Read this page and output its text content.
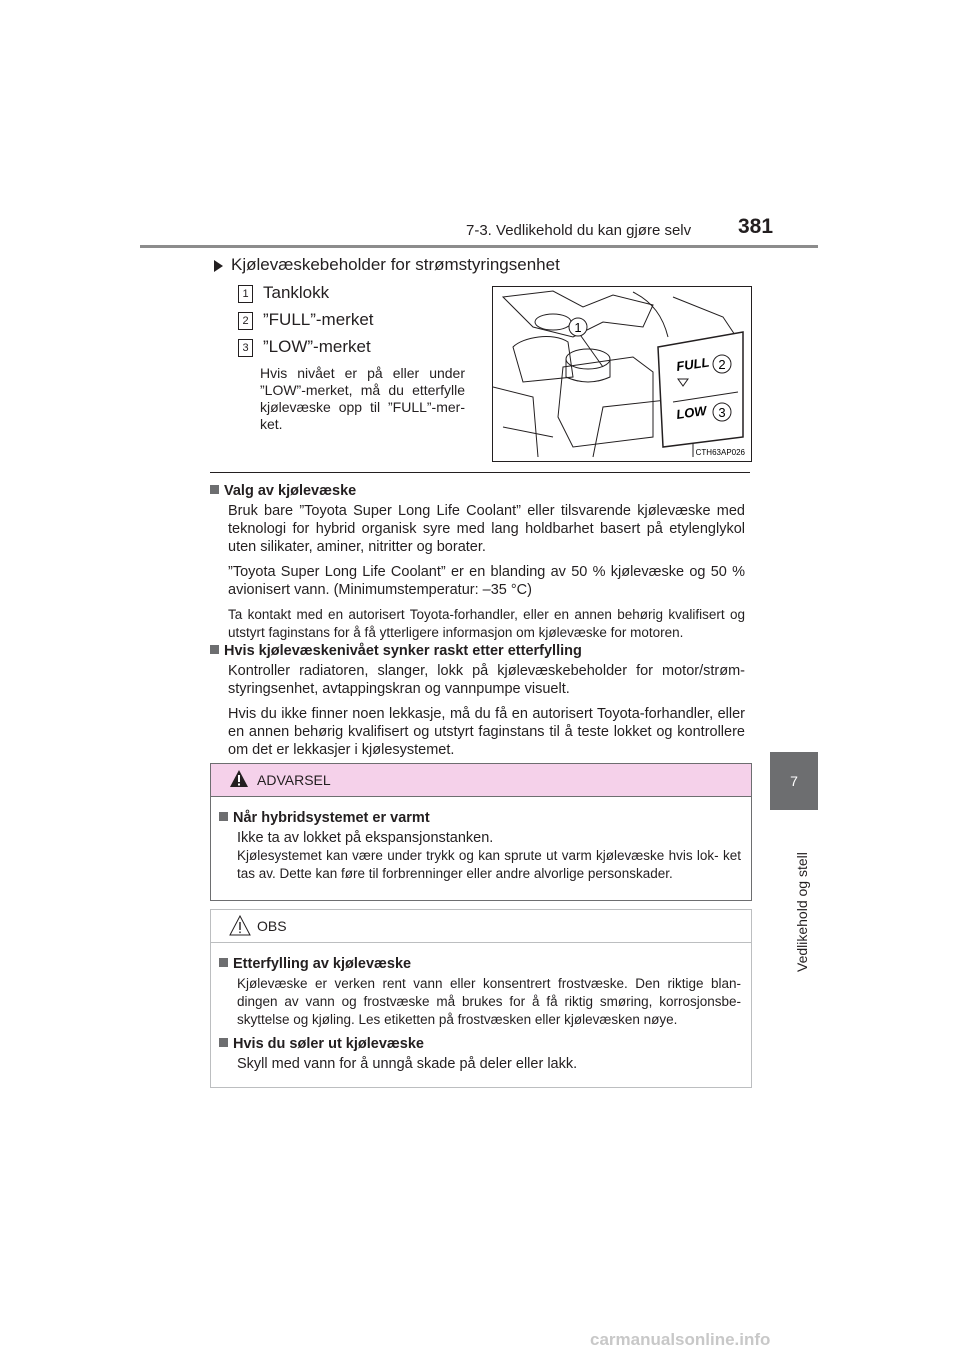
7-3. Vedlikehold du kan gjøre selv 381
7
Vedlikehold og stell
Kjølevæskebeholder for strømstyringsenhet
1 Tanklokk
2 ”FULL”-merket
3 ”LOW”-merket
Hvis nivået er på eller under ”LOW”-merket, må du etterfylle kjølevæske opp til ”FULL”-mer- ket.
1
2
3
FULL
LOW
CTH63AP026
Valg av kjølevæske
Bruk bare ”Toyota Super Long Life Coolant” eller tilsvarende kjølevæske med teknologi for hybrid organisk syre med lang holdbarhet basert på etylenglykol uten silikater, aminer, nitritter og borater.
”Toyota Super Long Life Coolant” er en blanding av 50 % kjølevæske og 50 % avionisert vann. (Minimumstemperatur: –35 °C)
Ta kontakt med en autorisert Toyota-forhandler, eller en annen behørig kvalifisert og utstyrt faginstans for å få ytterligere informasjon om kjølevæske for motoren.
Hvis kjølevæskenivået synker raskt etter etterfylling
Kontroller radiatoren, slanger, lokk på kjølevæskebeholder for motor/strøm- styringsenhet, avtappingskran og vannpumpe visuelt.
Hvis du ikke finner noen lekkasje, må du få en autorisert Toyota-forhandler, eller en annen behørig kvalifisert og utstyrt faginstans til å teste lokket og kontrollere om det er lekkasjer i kjølesystemet.
ADVARSEL
Når hybridsystemet er varmt
Ikke ta av lokket på ekspansjonstanken.
Kjølesystemet kan være under trykk og kan sprute ut varm kjølevæske hvis lok- ket tas av. Dette kan føre til forbrenninger eller andre alvorlige personskader.
OBS
Etterfylling av kjølevæske
Kjølevæske er verken rent vann eller konsentrert frostvæske. Den riktige blan- dingen av vann og frostvæske må brukes for å få riktig smøring, korrosjonsbe- skyttelse og kjøling. Les etiketten på frostvæsken eller kjølevæsken nøye.
Hvis du søler ut kjølevæske
Skyll med vann for å unngå skade på deler eller lakk.
carmanualsonline.info
